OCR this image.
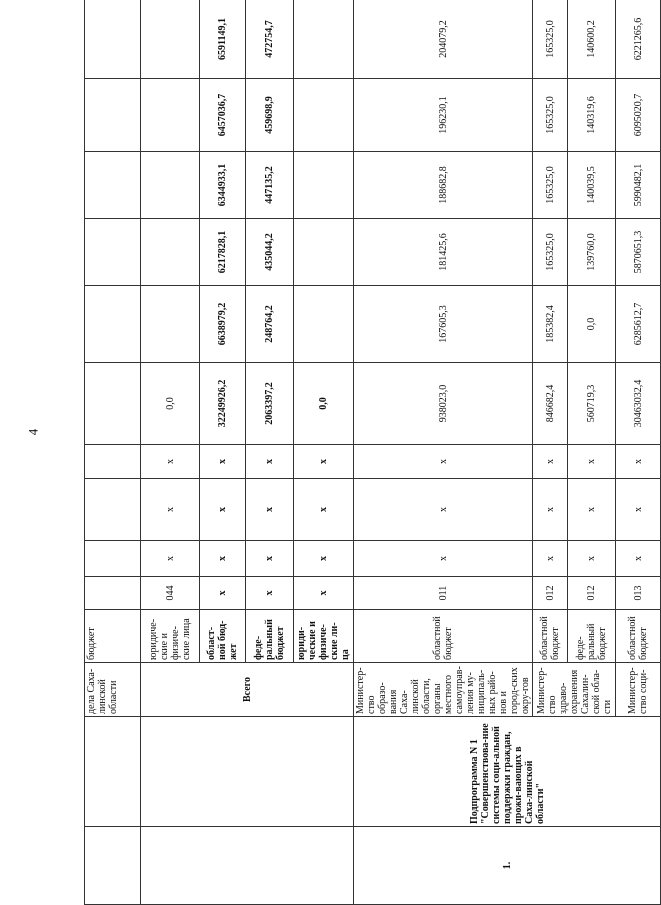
4
		дела Саха-линской области	бюджет											
		Всего	юридиче-ские и физиче-ские лица	044	х	х	х	0,0						
			област-ной бюд-жет	х	х	х	х	32249926,2	6638979,2	6217828,1	6344933,1	6457036,7	6591149,1	
			феде-ральный бюджет	х	х	х	х	2063397,2	248764,2	435044,2	447135,2	459698,9	472754,7	
			юриди-ческие и физиче-ские ли-ца	х	х	х	х	0,0						
1.	Подпрограмма N 1 "Совершенствова-ние системы соци-альной поддержки граждан, прожи-вающих в Саха-линской области"	Министер-ство образо-вания Саха-линской области, органы местного самоуправ-ления му-ниципаль-ных райо-нов и город-ских окру-гов	областной бюджет	011	х	х	х	938023,0	167605,3	181425,6	188682,8	196230,1	204079,2	
		Министер-ство здраво-охранения Сахалин-ской обла-сти	областной бюджет	012	х	х	х	846682,4	185382,4	165325,0	165325,0	165325,0	165325,0	
			феде-ральный бюджет	012	х	х	х	560719,3	0,0	139760,0	140039,5	140319,6	140600,2	
		Министер-ство соци-	областной бюджет	013	х	х	х	30463032,4	6285612,7	5870651,3	5990482,1	6095020,7	6221265,6	
